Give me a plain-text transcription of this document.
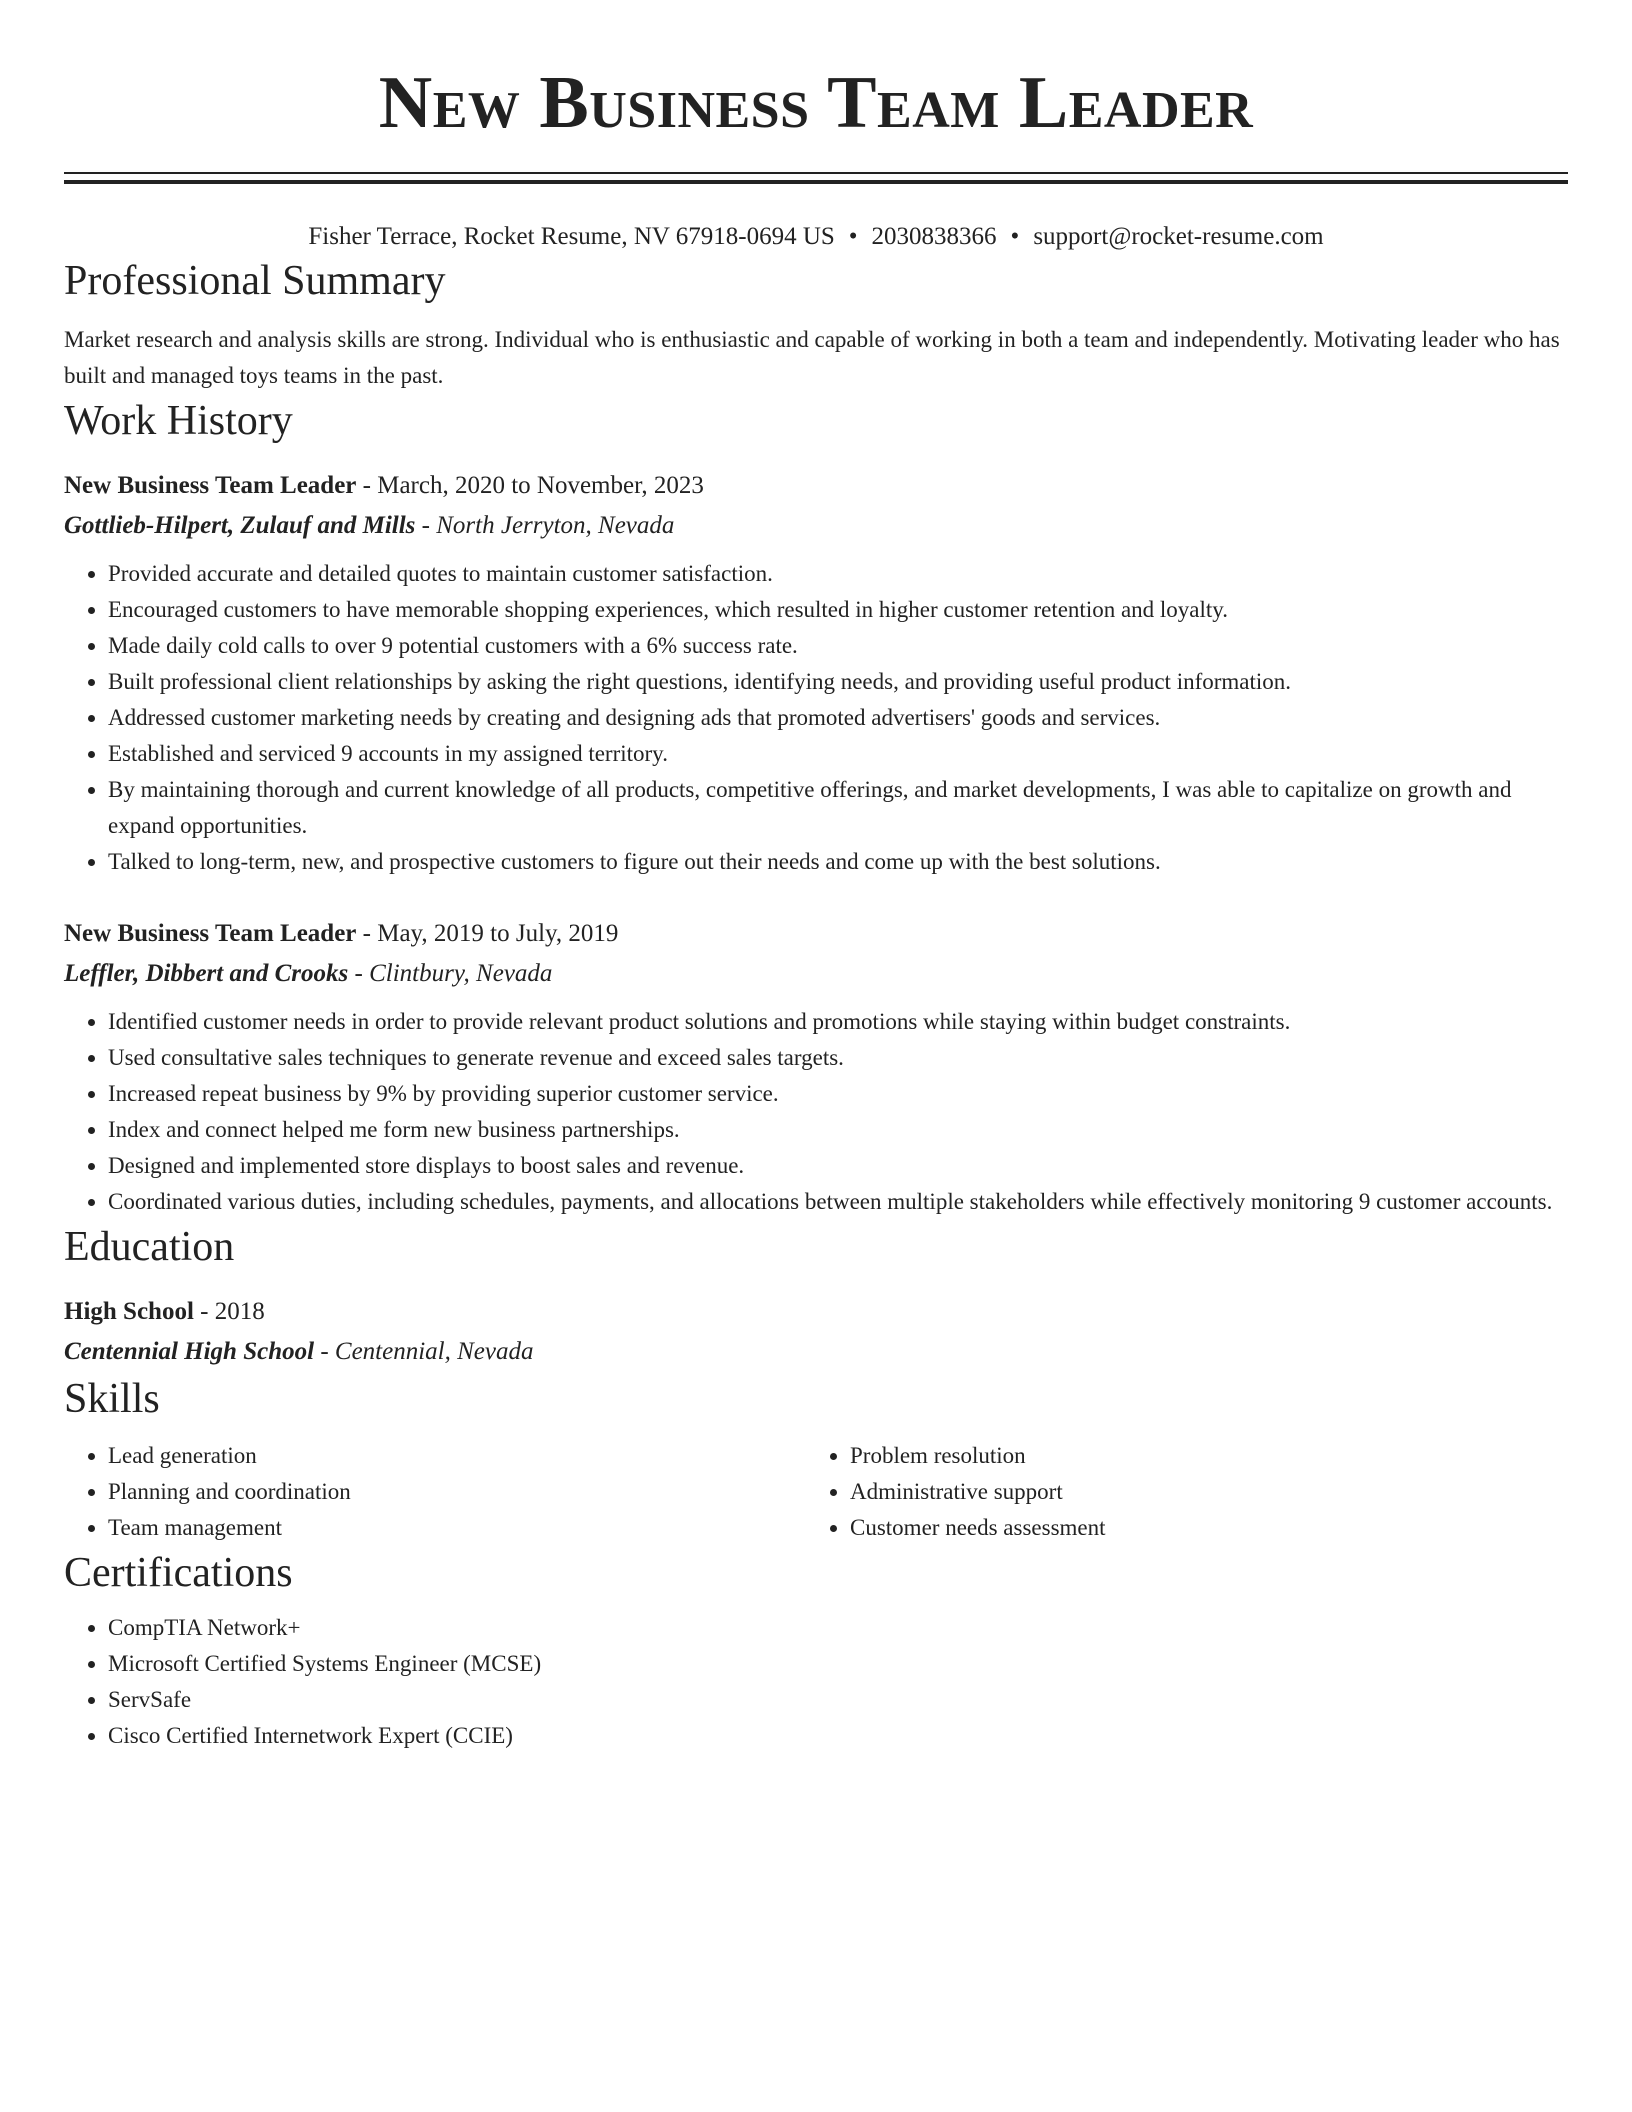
New Business Team Leader
Fisher Terrace, Rocket Resume, NV 67918-0694 US • 2030838366 • support@rocket-resume.com
Professional Summary

Market research and analysis skills are strong. Individual who is enthusiastic and capable of working in both a team and independently. Motivating leader who has built and managed toys teams in the past.

Work History
New Business Team Leader - March, 2020 to November, 2023
Gottlieb-Hilpert, Zulauf and Mills - North Jerryton, Nevada
• Provided accurate and detailed quotes to maintain customer satisfaction.
• Encouraged customers to have memorable shopping experiences, which resulted in higher customer retention and loyalty.
• Made daily cold calls to over 9 potential customers with a 6% success rate.
• Built professional client relationships by asking the right questions, identifying needs, and providing useful product information.
• Addressed customer marketing needs by creating and designing ads that promoted advertisers' goods and services.
• Established and serviced 9 accounts in my assigned territory.
• By maintaining thorough and current knowledge of all products, competitive offerings, and market developments, I was able to capitalize on growth and expand opportunities.
• Talked to long-term, new, and prospective customers to figure out their needs and come up with the best solutions.
New Business Team Leader - May, 2019 to July, 2019
Leffler, Dibbert and Crooks - Clintbury, Nevada
• Identified customer needs in order to provide relevant product solutions and promotions while staying within budget constraints.
• Used consultative sales techniques to generate revenue and exceed sales targets.
• Increased repeat business by 9% by providing superior customer service.
• Index and connect helped me form new business partnerships.
• Designed and implemented store displays to boost sales and revenue.
• Coordinated various duties, including schedules, payments, and allocations between multiple stakeholders while effectively monitoring 9 customer accounts.
Education
High School - 2018
Centennial High School - Centennial, Nevada
Skills
• Lead generation
• Planning and coordination
• Team management
• Problem resolution
• Administrative support
• Customer needs assessment
Certifications
• CompTIA Network+
• Microsoft Certified Systems Engineer (MCSE)
• ServSafe
• Cisco Certified Internetwork Expert (CCIE)
